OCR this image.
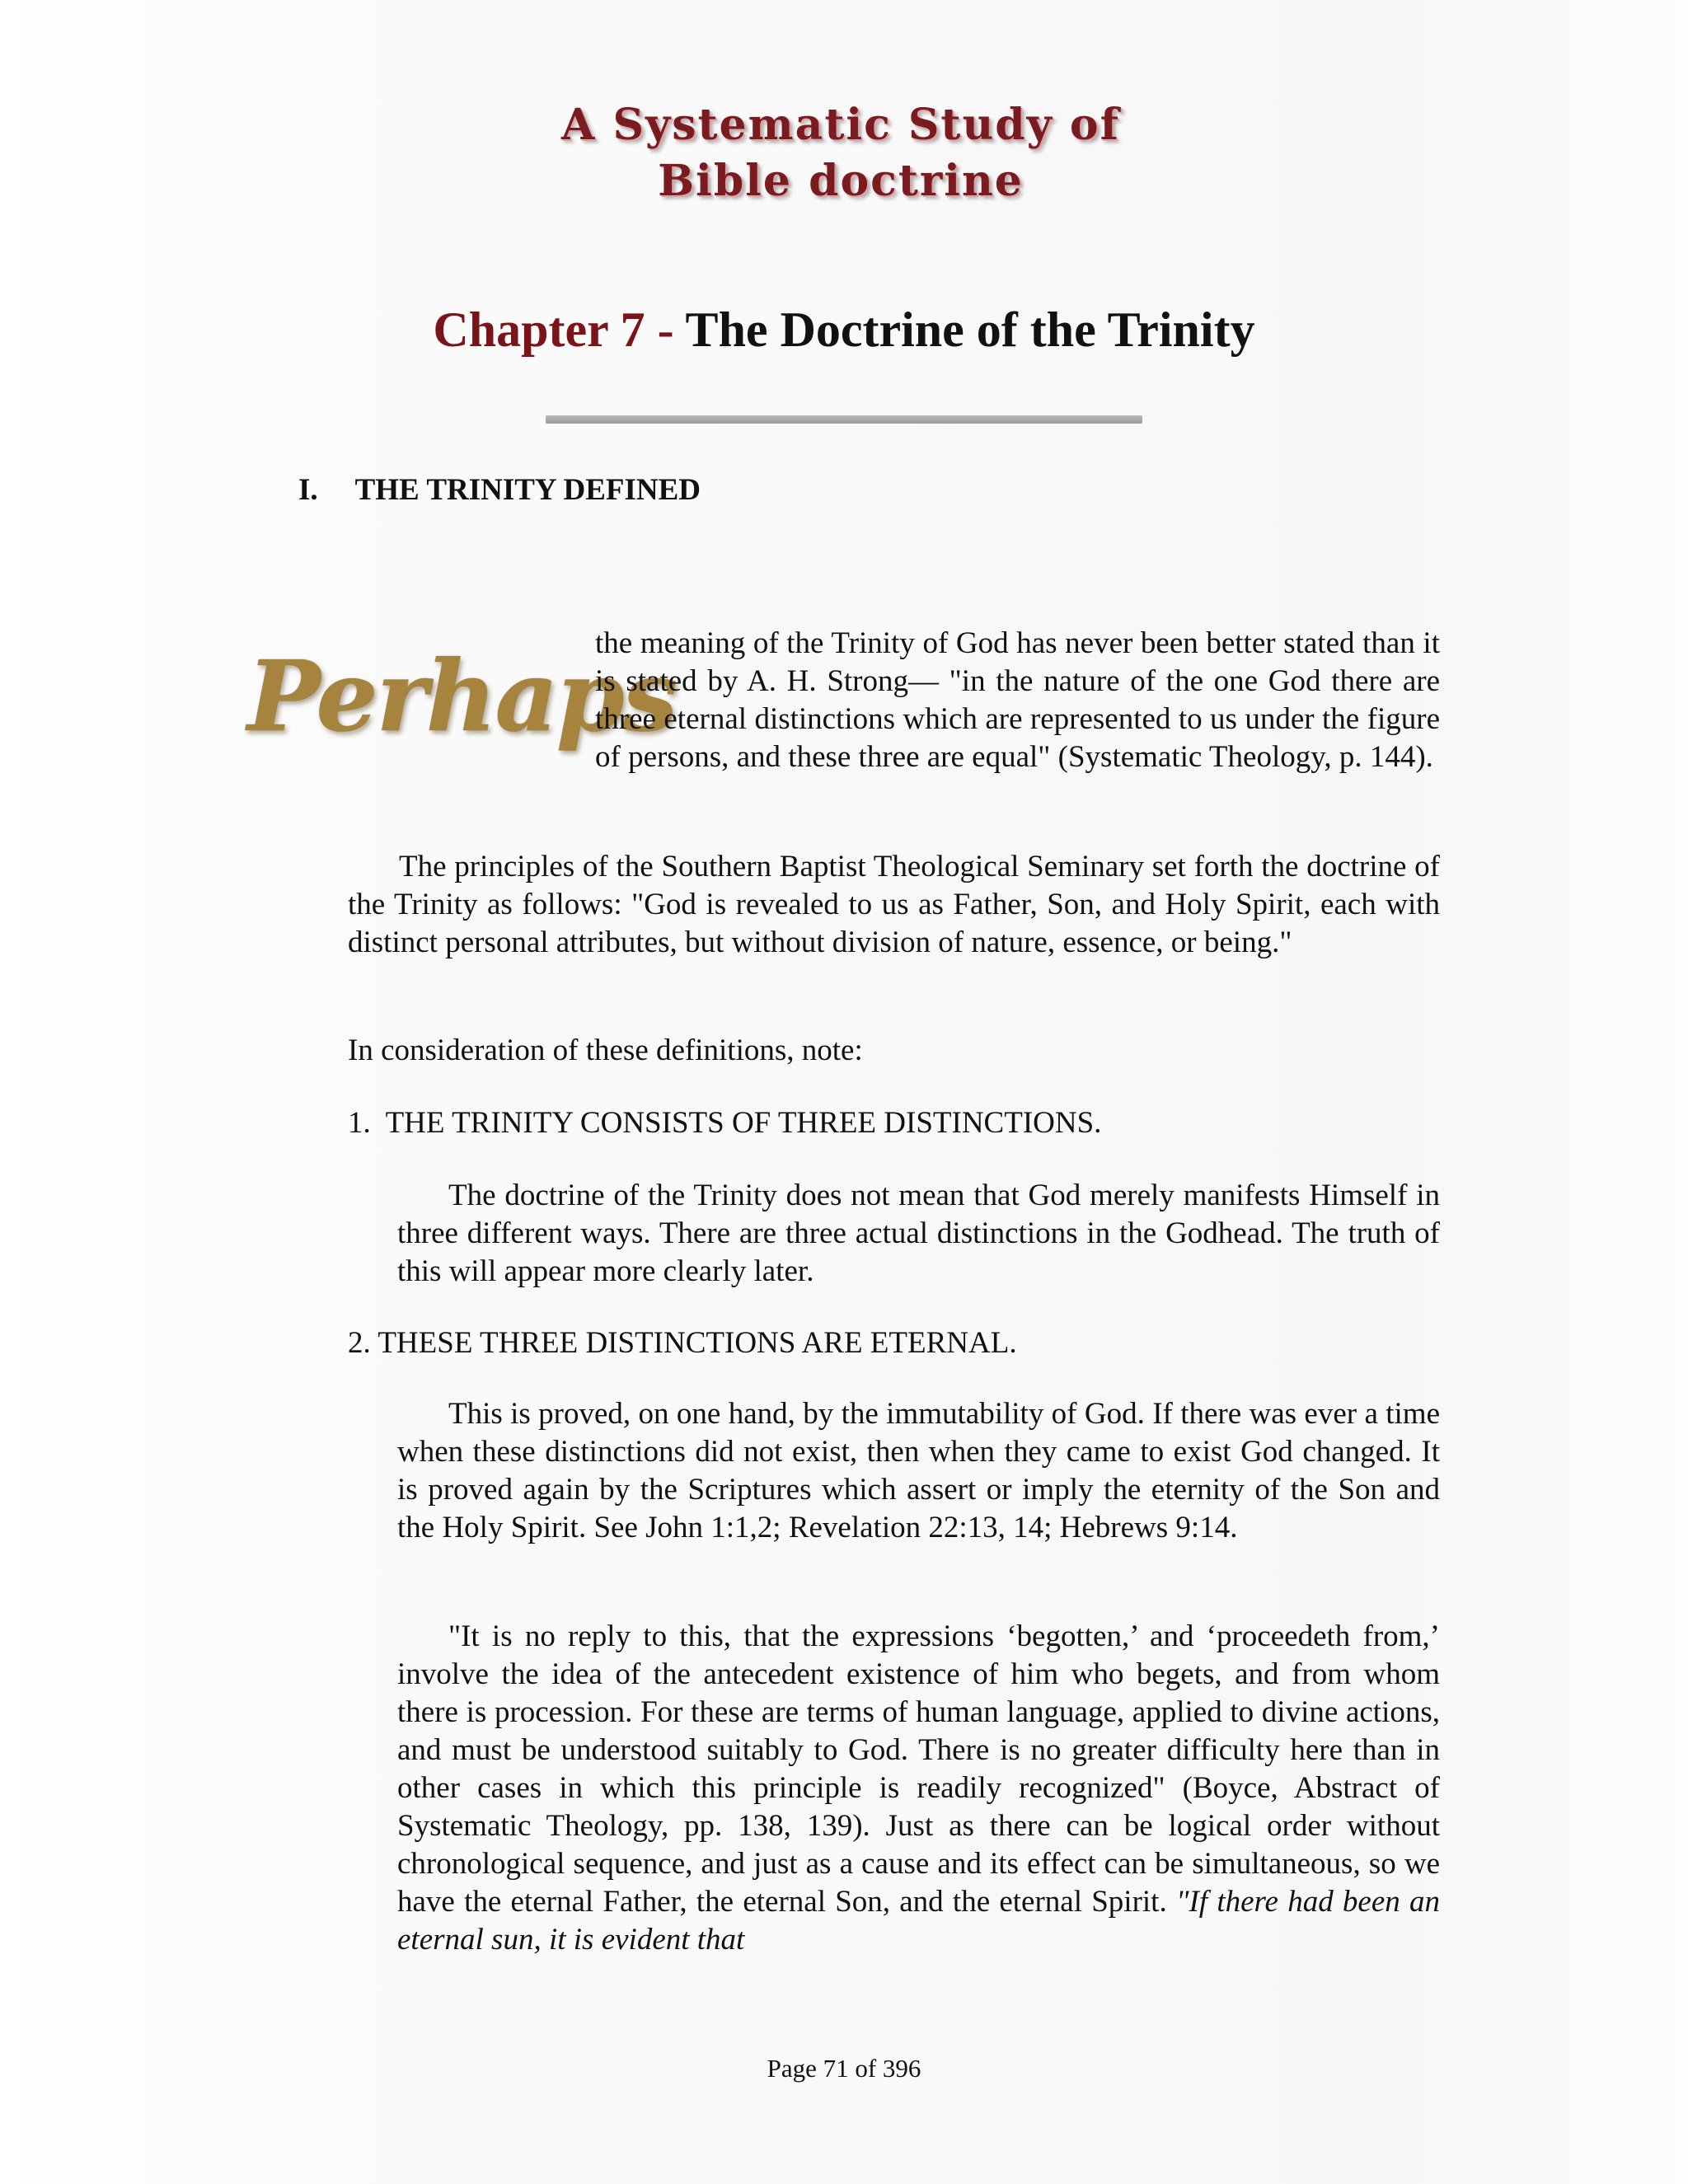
A Systematic Study of
Bible doctrine
Chapter 7 - The Doctrine of the Trinity
I. THE TRINITY DEFINED
Perhaps
the meaning of the Trinity of God has never been better stated than it is stated by A. H. Strong— "in the nature of the one God there are three eternal distinctions which are represented to us under the figure of persons, and these three are equal" (Systematic Theology, p. 144).
The principles of the Southern Baptist Theological Seminary set forth the doctrine of the Trinity as follows: "God is revealed to us as Father, Son, and Holy Spirit, each with distinct personal attributes, but without division of nature, essence, or being."
In consideration of these definitions, note:
1.  THE TRINITY CONSISTS OF THREE DISTINCTIONS.
The doctrine of the Trinity does not mean that God merely manifests Himself in three different ways. There are three actual distinctions in the Godhead. The truth of this will appear more clearly later.
2. THESE THREE DISTINCTIONS ARE ETERNAL.
This is proved, on one hand, by the immutability of God. If there was ever a time when these distinctions did not exist, then when they came to exist God changed. It is proved again by the Scriptures which assert or imply the eternity of the Son and the Holy Spirit. See John 1:1,2; Revelation 22:13, 14; Hebrews 9:14.
"It is no reply to this, that the expressions ‘begotten,’ and ‘proceedeth from,’ involve the idea of the antecedent existence of him who begets, and from whom there is procession. For these are terms of human language, applied to divine actions, and must be understood suitably to God. There is no greater difficulty here than in other cases in which this principle is readily recognized" (Boyce, Abstract of Systematic Theology, pp. 138, 139). Just as there can be logical order without chronological sequence, and just as a cause and its effect can be simultaneous, so we have the eternal Father, the eternal Son, and the eternal Spirit. "If there had been an eternal sun, it is evident that
Page 71 of 396
